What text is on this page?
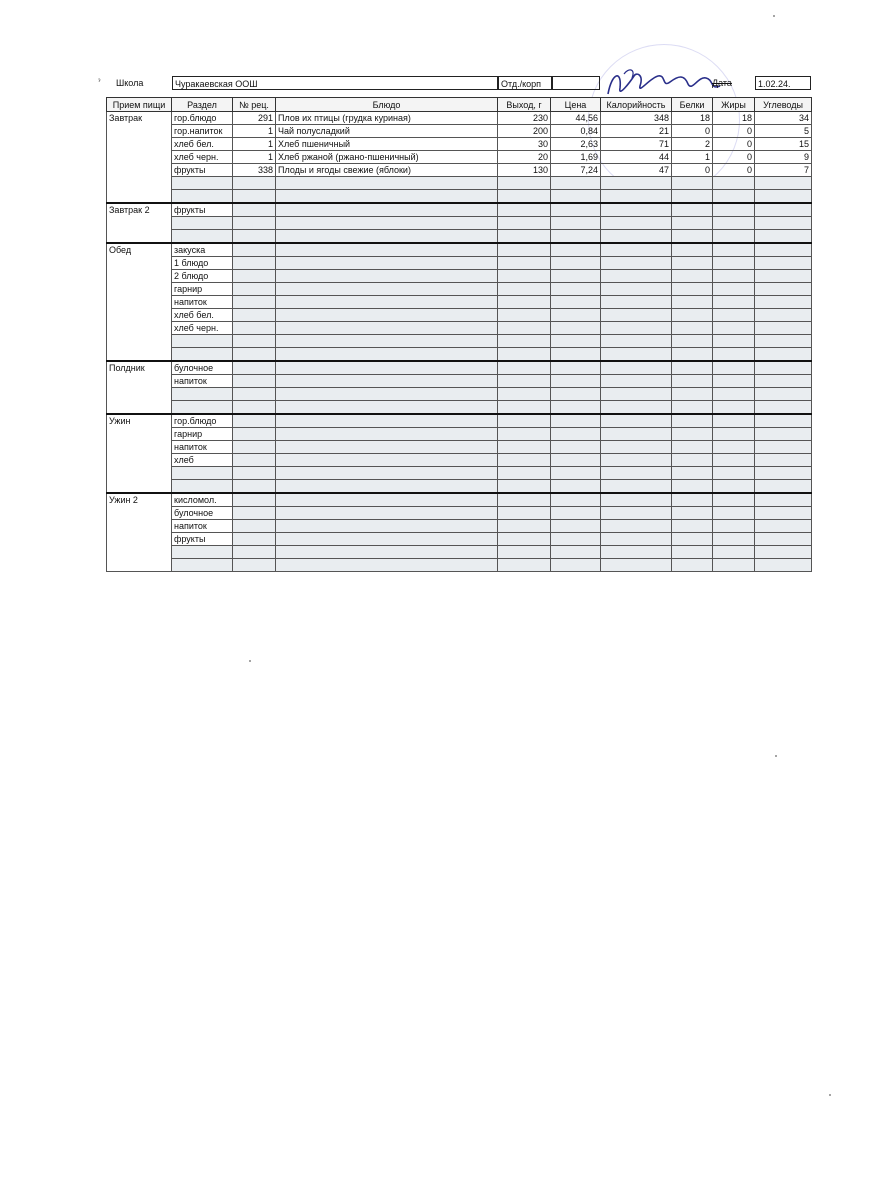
ˀ Школа	Чуракаевская ООШ	Отд./корп	Дата	1.02.24.
Прием пищи	Раздел	№ рец.	Блюдо	Выход, г	Цена	Калорийность	Белки	Жиры	Углеводы
Завтрак	гор.блюдо	291	Плов их птицы (грудка куриная)	230	44,56	348	18	18	34
	гор.напиток	1	Чай полусладкий	200	0,84	21	0	0	5
	хлеб бел.	1	Хлеб пшеничный	30	2,63	71	2	0	15
	хлеб черн.	1	Хлеб ржаной (ржано-пшеничный)	20	1,69	44	1	0	9
	фрукты	338	Плоды и ягоды свежие (яблоки)	130	7,24	47	0	0	7

Завтрак 2	фрукты								

Обед	закуска								
	1 блюдо								
	2 блюдо								
	гарнир								
	напиток								
	хлеб бел.								
	хлеб черн.								

Полдник	булочное								
	напиток								

Ужин	гор.блюдо								
	гарнир								
	напиток								
	хлеб								

Ужин 2	кисломол.								
	булочное								
	напиток								
	фрукты								
